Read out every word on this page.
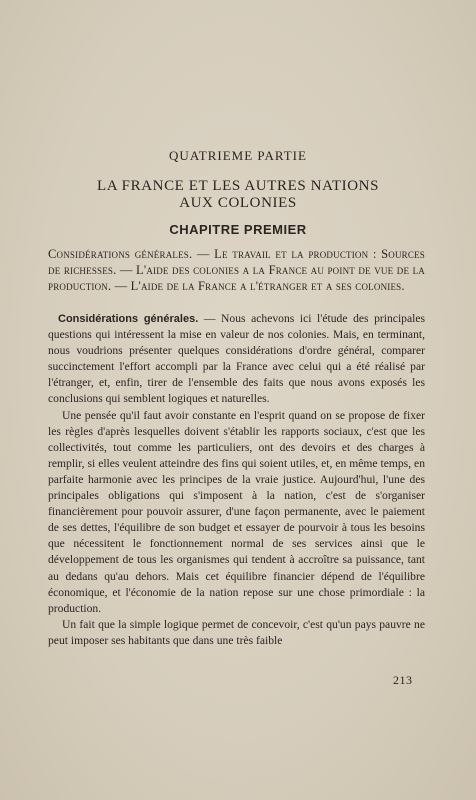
QUATRIEME PARTIE
LA FRANCE ET LES AUTRES NATIONS
AUX COLONIES
CHAPITRE PREMIER
Considérations générales. — Le travail et la production : Sources de richesses. — L'aide des colonies a la France au point de vue de la production. — L'aide de la France a l'étranger et a ses colonies.

Considérations générales. — Nous achevons ici l'étude des principales questions qui intéressent la mise en valeur de nos colonies. Mais, en terminant, nous voudrions présenter quelques considérations d'ordre général, comparer succinctement l'effort accompli par la France avec celui qui a été réalisé par l'étranger, et, enfin, tirer de l'ensemble des faits que nous avons exposés les conclusions qui semblent logiques et naturelles.

Une pensée qu'il faut avoir constante en l'esprit quand on se propose de fixer les règles d'après lesquelles doivent s'établir les rapports sociaux, c'est que les collectivités, tout comme les particuliers, ont des devoirs et des charges à remplir, si elles veulent atteindre des fins qui soient utiles, et, en même temps, en parfaite harmonie avec les principes de la vraie justice. Aujourd'hui, l'une des principales obligations qui s'imposent à la nation, c'est de s'organiser financièrement pour pouvoir assurer, d'une façon permanente, avec le paiement de ses dettes, l'équilibre de son budget et essayer de pourvoir à tous les besoins que nécessitent le fonctionnement normal de ses services ainsi que le développement de tous les organismes qui tendent à accroître sa puissance, tant au dedans qu'au dehors. Mais cet équilibre financier dépend de l'équilibre économique, et l'économie de la nation repose sur une chose primordiale : la production.

Un fait que la simple logique permet de concevoir, c'est qu'un pays pauvre ne peut imposer ses habitants que dans une très faible

213
